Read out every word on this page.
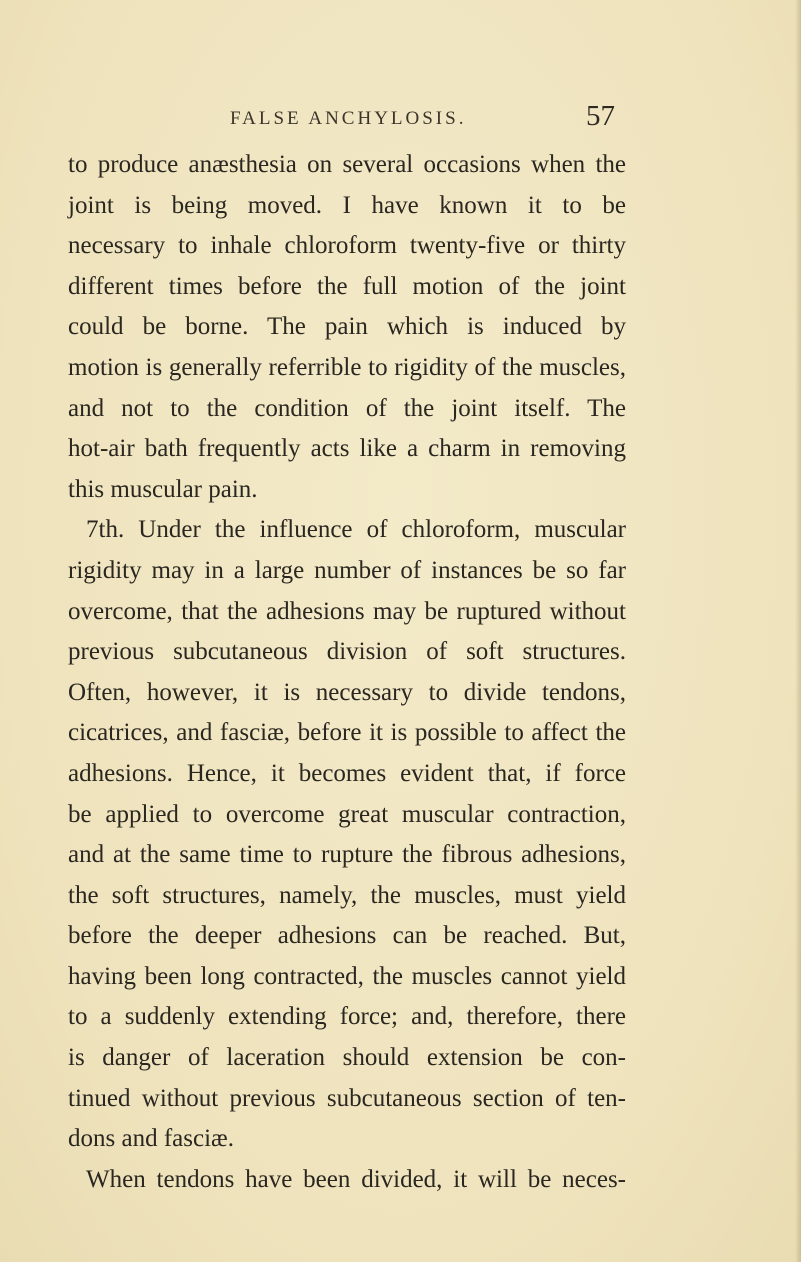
FALSE ANCHYLOSIS.	57
to produce anæsthesia on several occasions when the
joint is being moved. I have known it to be
necessary to inhale chloroform twenty-five or thirty
different times before the full motion of the joint
could be borne. The pain which is induced by
motion is generally referrible to rigidity of the muscles,
and not to the condition of the joint itself. The
hot-air bath frequently acts like a charm in removing
this muscular pain.
7th. Under the influence of chloroform, muscular
rigidity may in a large number of instances be so far
overcome, that the adhesions may be ruptured without
previous subcutaneous division of soft structures.
Often, however, it is necessary to divide tendons,
cicatrices, and fasciæ, before it is possible to affect the
adhesions. Hence, it becomes evident that, if force
be applied to overcome great muscular contraction,
and at the same time to rupture the fibrous adhesions,
the soft structures, namely, the muscles, must yield
before the deeper adhesions can be reached. But,
having been long contracted, the muscles cannot yield
to a suddenly extending force; and, therefore, there
is danger of laceration should extension be con-
tinued without previous subcutaneous section of ten-
dons and fasciæ.
When tendons have been divided, it will be neces-
